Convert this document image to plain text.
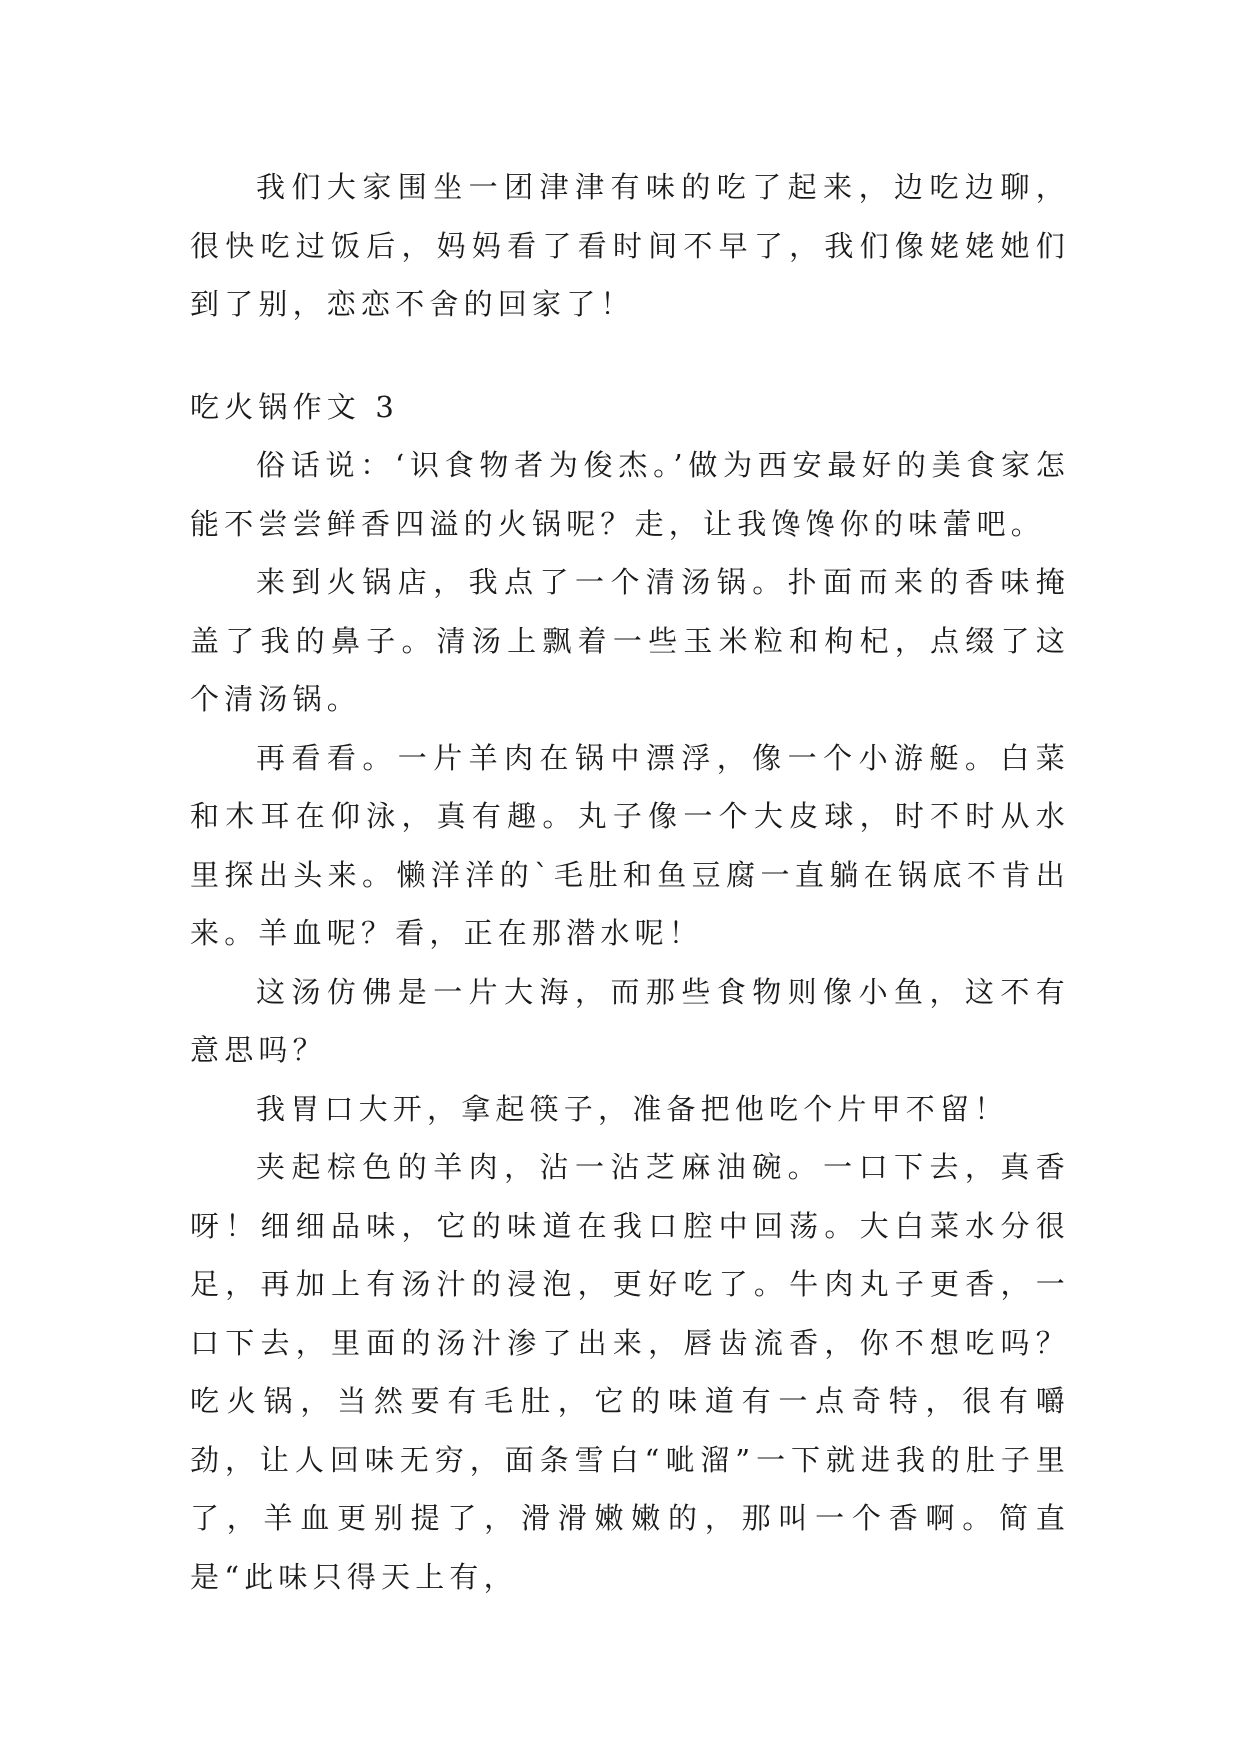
我们大家围坐一团津津有味的吃了起来，边吃边聊，很快吃过饭后，妈妈看了看时间不早了，我们像姥姥她们到了别，恋恋不舍的回家了！

吃火锅作文 3

俗话说：‘识食物者为俊杰。’做为西安最好的美食家怎能不尝尝鲜香四溢的火锅呢？走，让我馋馋你的味蕾吧。

来到火锅店，我点了一个清汤锅。扑面而来的香味掩盖了我的鼻子。清汤上飘着一些玉米粒和枸杞，点缀了这个清汤锅。

再看看。一片羊肉在锅中漂浮，像一个小游艇。白菜和木耳在仰泳，真有趣。丸子像一个大皮球，时不时从水里探出头来。懒洋洋的`毛肚和鱼豆腐一直躺在锅底不肯出来。羊血呢？看，正在那潜水呢！

这汤仿佛是一片大海，而那些食物则像小鱼，这不有意思吗？

我胃口大开，拿起筷子，准备把他吃个片甲不留！

夹起棕色的羊肉，沾一沾芝麻油碗。一口下去，真香呀！细细品味，它的味道在我口腔中回荡。大白菜水分很足，再加上有汤汁的浸泡，更好吃了。牛肉丸子更香，一口下去，里面的汤汁渗了出来，唇齿流香，你不想吃吗？吃火锅，当然要有毛肚，它的味道有一点奇特，很有嚼劲，让人回味无穷，面条雪白“呲溜”一下就进我的肚子里了，羊血更别提了，滑滑嫩嫩的，那叫一个香啊。简直是“此味只得天上有，
